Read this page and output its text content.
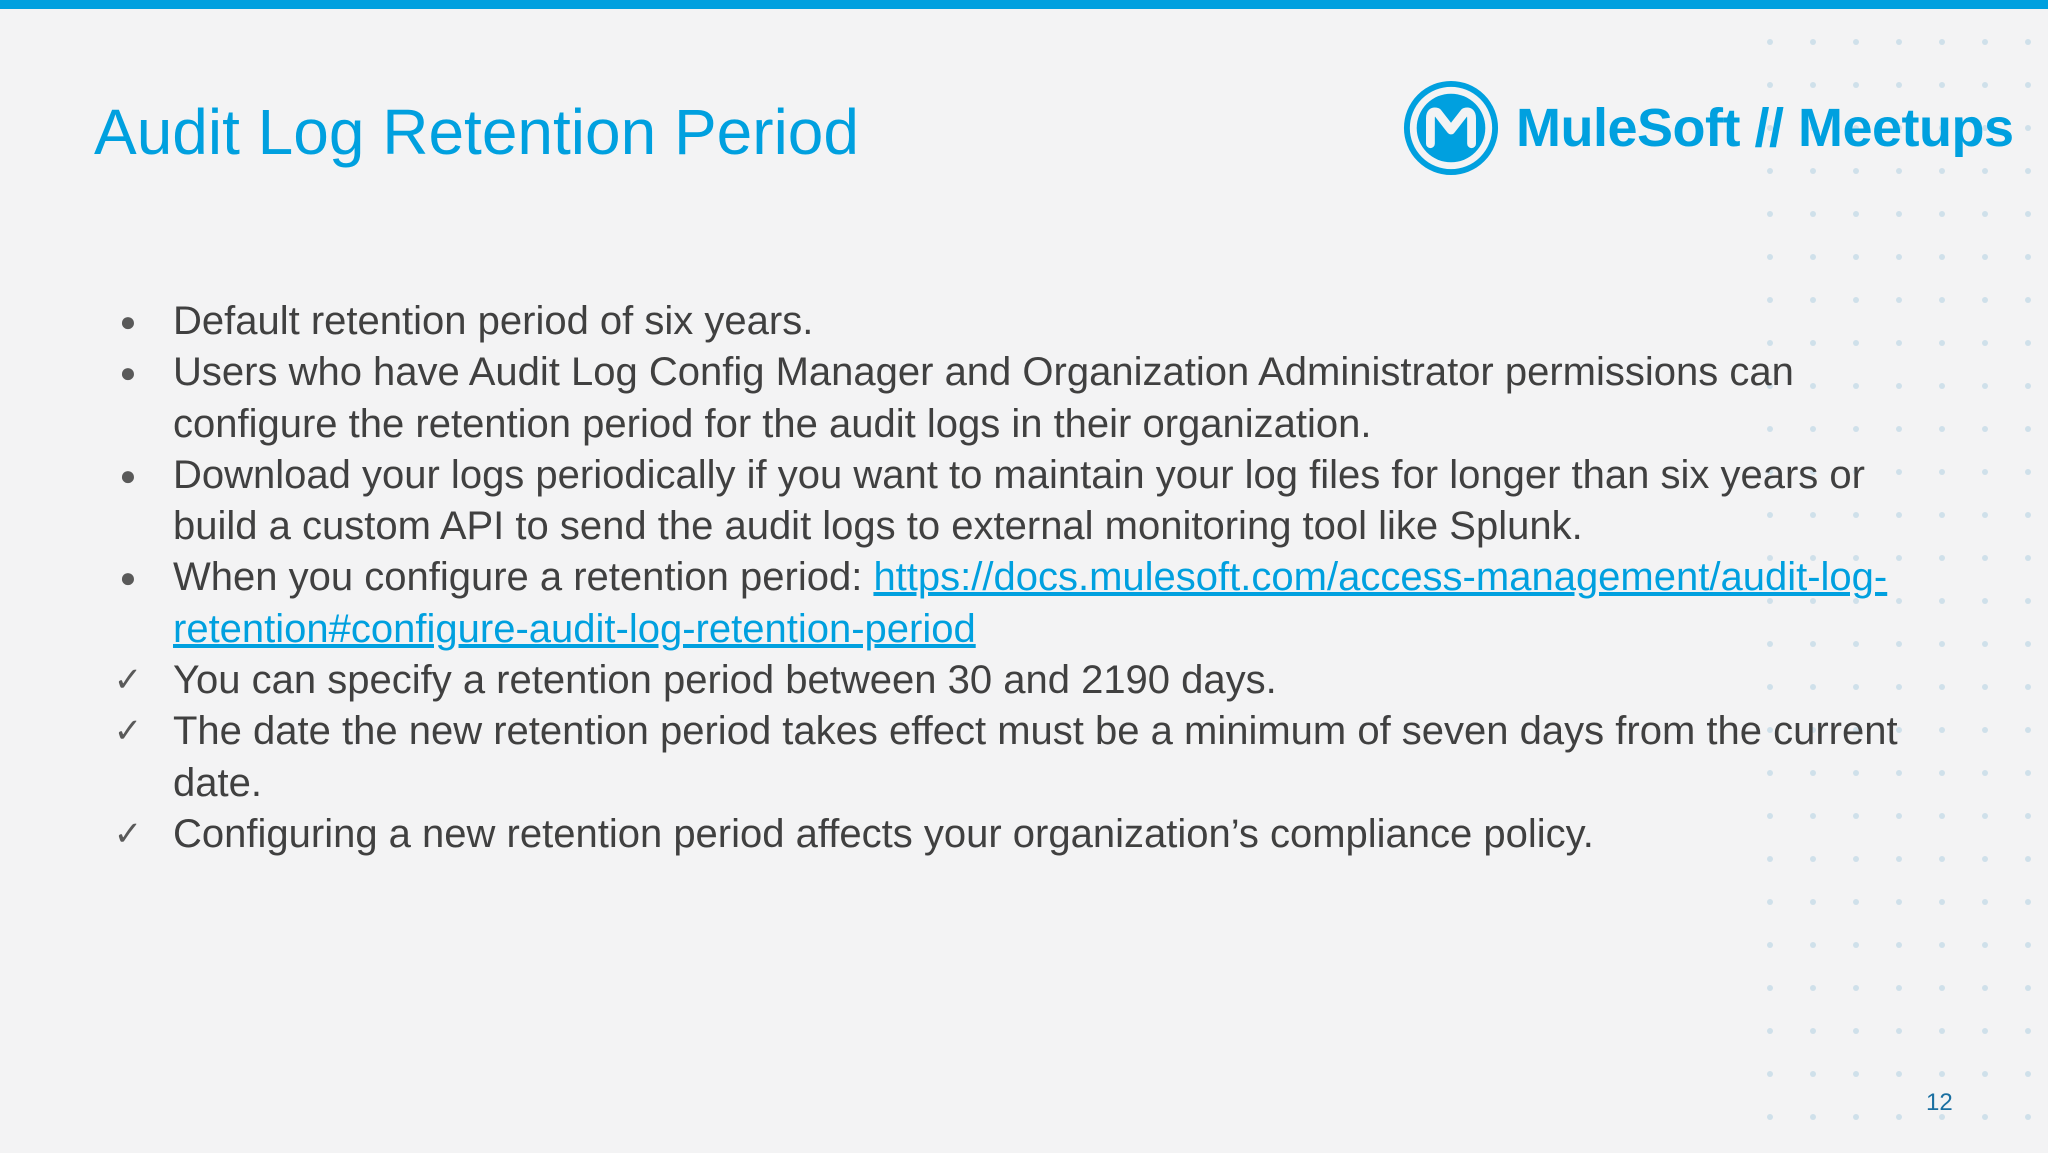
Audit Log Retention Period	MuleSoft // Meetups
● Default retention period of six years.
● Users who have Audit Log Config Manager and Organization Administrator permissions can configure the retention period for the audit logs in their organization.
● Download your logs periodically if you want to maintain your log files for longer than six years or build a custom API to send the audit logs to external monitoring tool like Splunk.
● When you configure a retention period: https://docs.mulesoft.com/access-management/audit-log-retention#configure-audit-log-retention-period
✓ You can specify a retention period between 30 and 2190 days.
✓ The date the new retention period takes effect must be a minimum of seven days from the current date.
✓ Configuring a new retention period affects your organization’s compliance policy.
12
